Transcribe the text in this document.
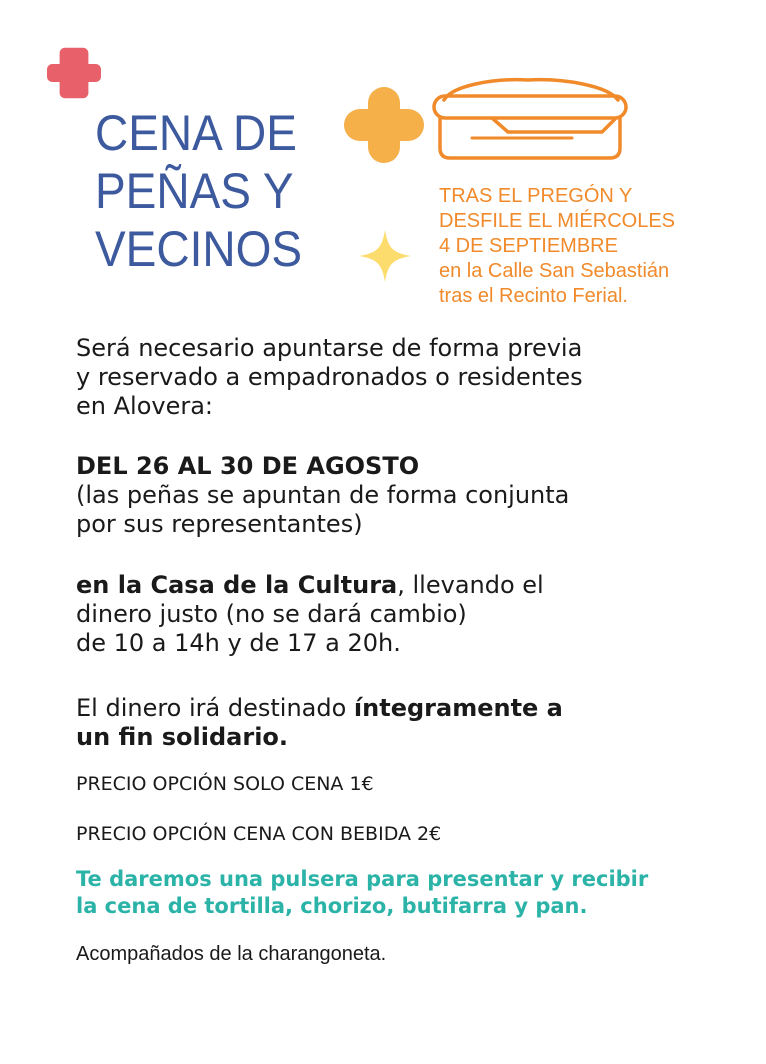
CENA DE
PEÑAS Y
VECINOS
TRAS EL PREGÓN Y
DESFILE EL MIÉRCOLES
4 DE SEPTIEMBRE
en la Calle San Sebastián
tras el Recinto Ferial.
Será necesario apuntarse de forma previa
y reservado a empadronados o residentes
en Alovera:
DEL 26 AL 30 DE AGOSTO
(las peñas se apuntan de forma conjunta
por sus representantes)
en la Casa de la Cultura, llevando el
dinero justo (no se dará cambio)
de 10 a 14h y de 17 a 20h.
El dinero irá destinado íntegramente a
un fin solidario.
PRECIO OPCIÓN SOLO CENA 1€
PRECIO OPCIÓN CENA CON BEBIDA 2€
Te daremos una pulsera para presentar y recibir
la cena de tortilla, chorizo, butifarra y pan.
Acompañados de la charangoneta.
